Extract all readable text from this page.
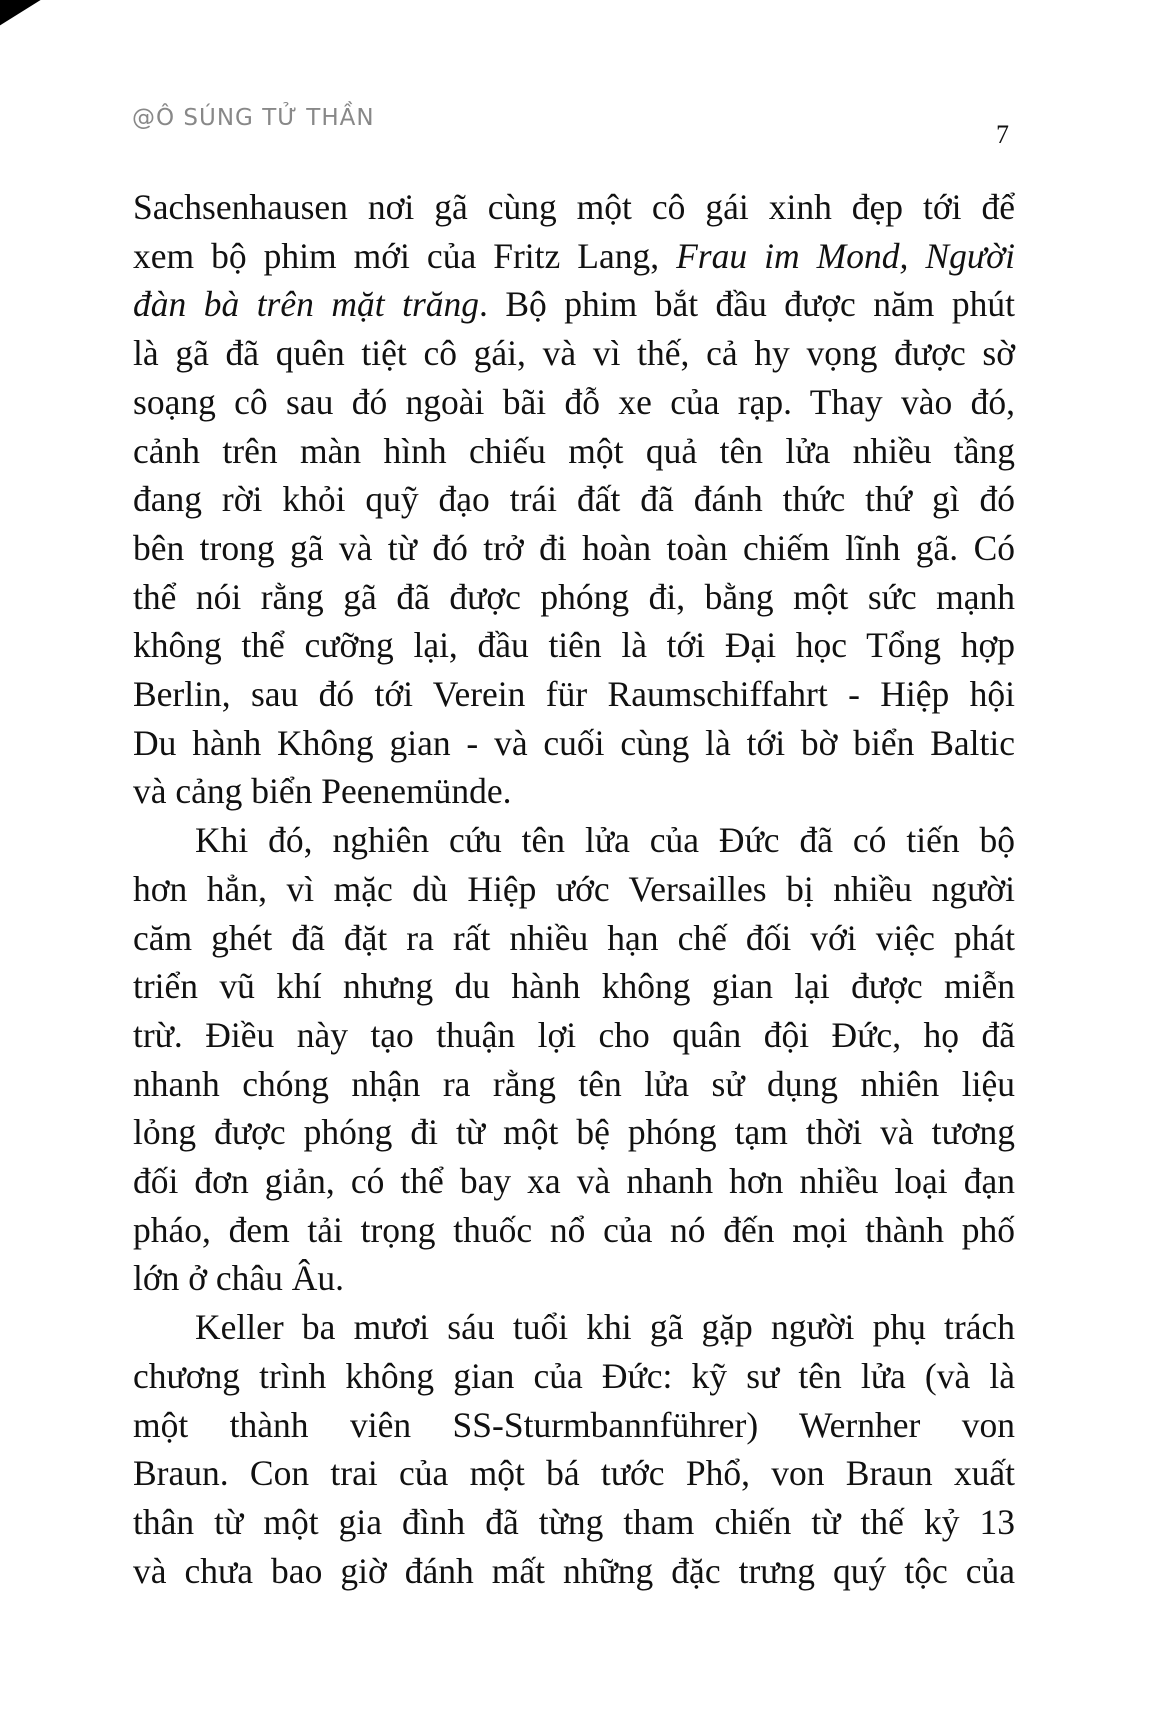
@Ô SÚNG TỬ THẦN
7
Sachsenhausen nơi gã cùng một cô gái xinh đẹp tới để
xem bộ phim mới của Fritz Lang, Frau im Mond, Người
đàn bà trên mặt trăng. Bộ phim bắt đầu được năm phút
là gã đã quên tiệt cô gái, và vì thế, cả hy vọng được sờ
soạng cô sau đó ngoài bãi đỗ xe của rạp. Thay vào đó,
cảnh trên màn hình chiếu một quả tên lửa nhiều tầng
đang rời khỏi quỹ đạo trái đất đã đánh thức thứ gì đó
bên trong gã và từ đó trở đi hoàn toàn chiếm lĩnh gã. Có
thể nói rằng gã đã được phóng đi, bằng một sức mạnh
không thể cưỡng lại, đầu tiên là tới Đại học Tổng hợp
Berlin, sau đó tới Verein für Raumschiffahrt - Hiệp hội
Du hành Không gian - và cuối cùng là tới bờ biển Baltic
và cảng biển Peenemünde.
Khi đó, nghiên cứu tên lửa của Đức đã có tiến bộ
hơn hẳn, vì mặc dù Hiệp ước Versailles bị nhiều người
căm ghét đã đặt ra rất nhiều hạn chế đối với việc phát
triển vũ khí nhưng du hành không gian lại được miễn
trừ. Điều này tạo thuận lợi cho quân đội Đức, họ đã
nhanh chóng nhận ra rằng tên lửa sử dụng nhiên liệu
lỏng được phóng đi từ một bệ phóng tạm thời và tương
đối đơn giản, có thể bay xa và nhanh hơn nhiều loại đạn
pháo, đem tải trọng thuốc nổ của nó đến mọi thành phố
lớn ở châu Âu.
Keller ba mươi sáu tuổi khi gã gặp người phụ trách
chương trình không gian của Đức: kỹ sư tên lửa (và là
một thành viên SS-Sturmbannführer) Wernher von
Braun. Con trai của một bá tước Phổ, von Braun xuất
thân từ một gia đình đã từng tham chiến từ thế kỷ 13
và chưa bao giờ đánh mất những đặc trưng quý tộc của
